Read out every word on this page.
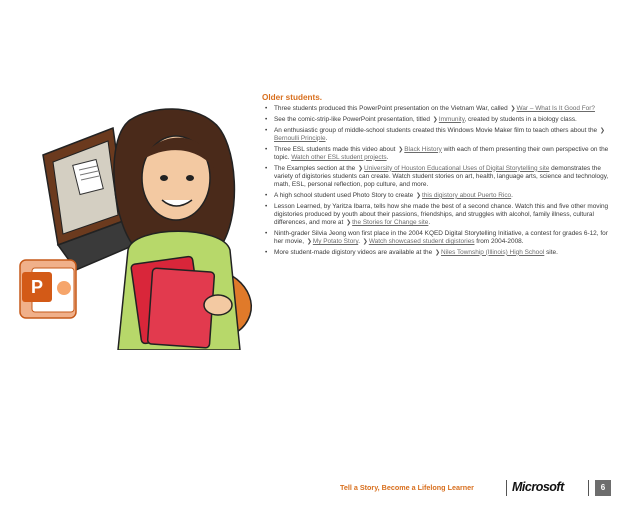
P
Older students.
• Three students produced this PowerPoint presentation on the Vietnam War, called ❯War – What Is It Good For?
• See the comic-strip-like PowerPoint presentation, titled ❯Immunity, created by students in a biology class.
• An enthusiastic group of middle-school students created this Windows Movie Maker film to teach others about the ❯Bernoulli Principle.
• Three ESL students made this video about ❯Black History with each of them presenting their own perspective on the topic. Watch other ESL student projects.
• The Examples section at the ❯University of Houston Educational Uses of Digital Storytelling site demonstrates the variety of digistories students can create. Watch student stories on art, health, language arts, science and technology, math, ESL, personal reflection, pop culture, and more.
• A high school student used Photo Story to create ❯this digistory about Puerto Rico.
• Lesson Learned, by Yaritza Ibarra, tells how she made the best of a second chance. Watch this and five other moving digistories produced by youth about their passions, friendships, and struggles with alcohol, family illness, cultural differences, and more at ❯the Stories for Change site.
• Ninth-grader Silvia Jeong won first place in the 2004 KQED Digital Storytelling Initiative, a contest for grades 6-12, for her movie, ❯My Potato Story. ❯Watch showcased student digistories from 2004-2008.
• More student-made digistory videos are available at the ❯Niles Township (Illinois) High School site.
Tell a Story, Become a Lifelong Learner	Microsoft	6
